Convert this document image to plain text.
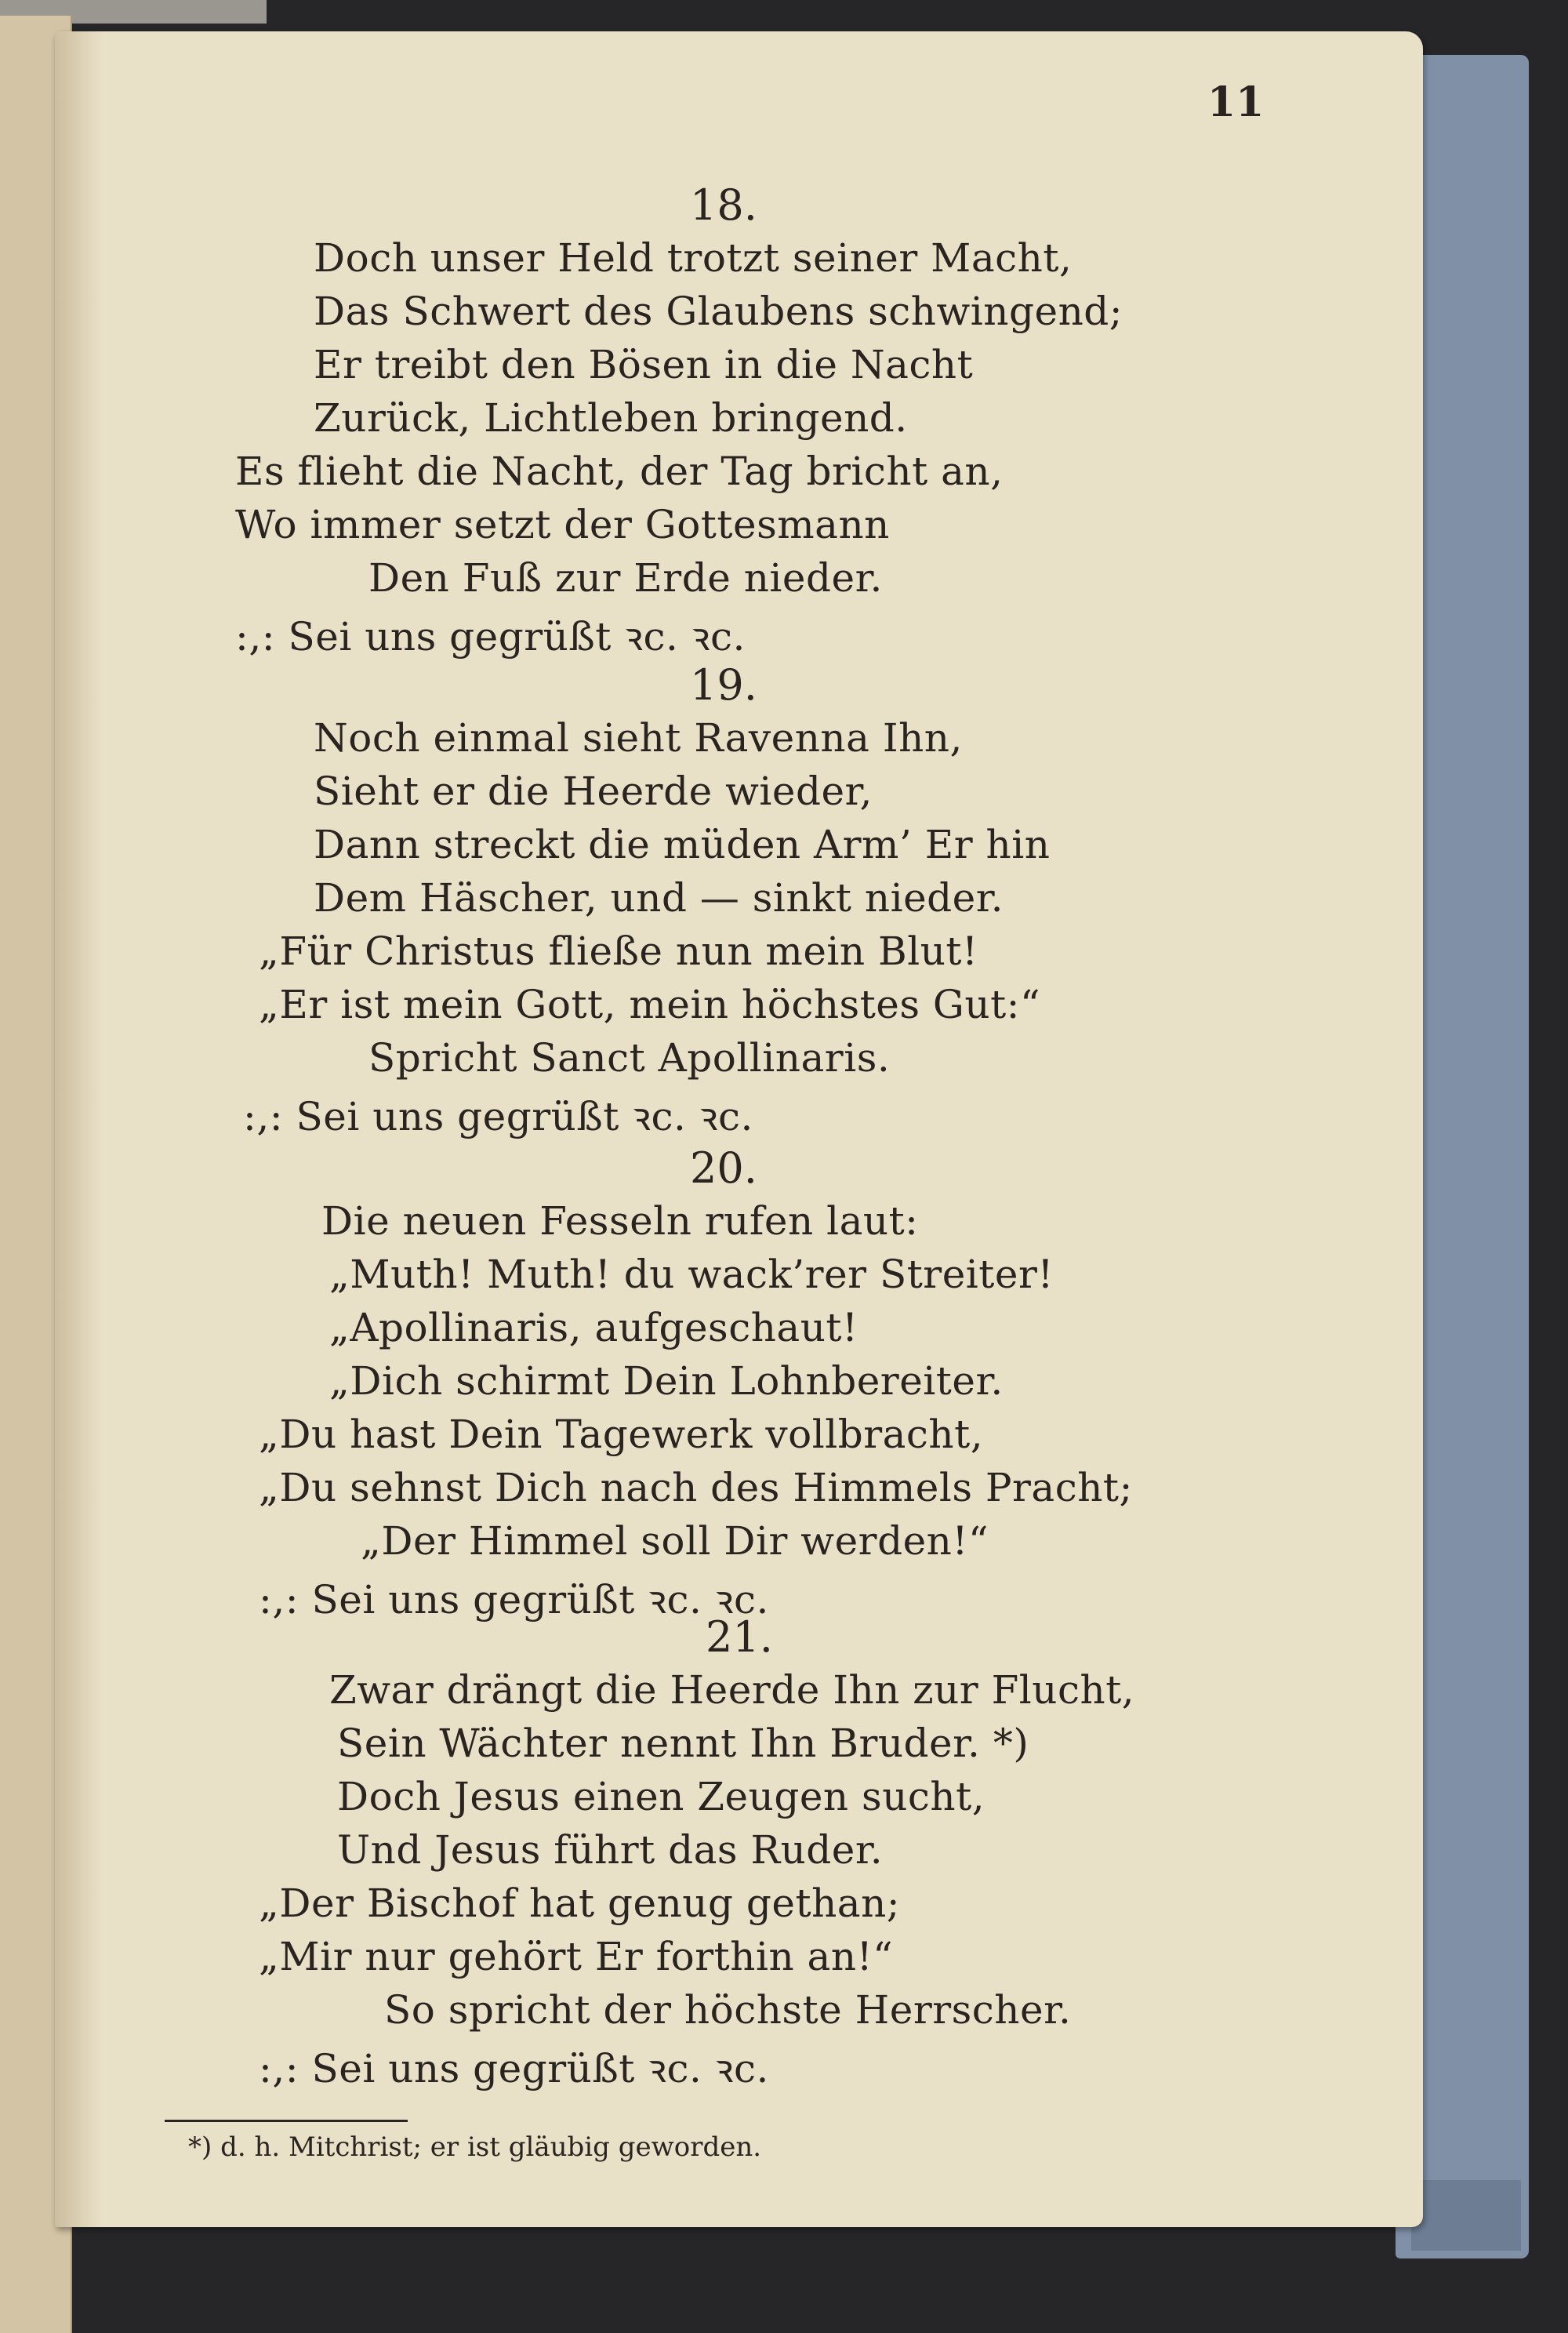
11
18.
Doch unser Held trotzt seiner Macht,
Das Schwert des Glaubens schwingend;
Er treibt den Bösen in die Nacht
Zurück, Lichtleben bringend.
Es flieht die Nacht, der Tag bricht an,
Wo immer setzt der Gottesmann
Den Fuß zur Erde nieder.
:,: Sei uns gegrüßt ꝛc. ꝛc.
19.
Noch einmal sieht Ravenna Ihn,
Sieht er die Heerde wieder,
Dann streckt die müden Arm’ Er hin
Dem Häscher, und — sinkt nieder.
„Für Christus fließe nun mein Blut!
„Er ist mein Gott, mein höchstes Gut:“
Spricht Sanct Apollinaris.
:,: Sei uns gegrüßt ꝛc. ꝛc.
20.
Die neuen Fesseln rufen laut:
„Muth! Muth! du wack’rer Streiter!
„Apollinaris, aufgeschaut!
„Dich schirmt Dein Lohnbereiter.
„Du hast Dein Tagewerk vollbracht,
„Du sehnst Dich nach des Himmels Pracht;
„Der Himmel soll Dir werden!“
:,: Sei uns gegrüßt ꝛc. ꝛc.
21.
Zwar drängt die Heerde Ihn zur Flucht,
Sein Wächter nennt Ihn Bruder. *)
Doch Jesus einen Zeugen sucht,
Und Jesus führt das Ruder.
„Der Bischof hat genug gethan;
„Mir nur gehört Er forthin an!“
So spricht der höchste Herrscher.
:,: Sei uns gegrüßt ꝛc. ꝛc.
*) d. h. Mitchrist; er ist gläubig geworden.
